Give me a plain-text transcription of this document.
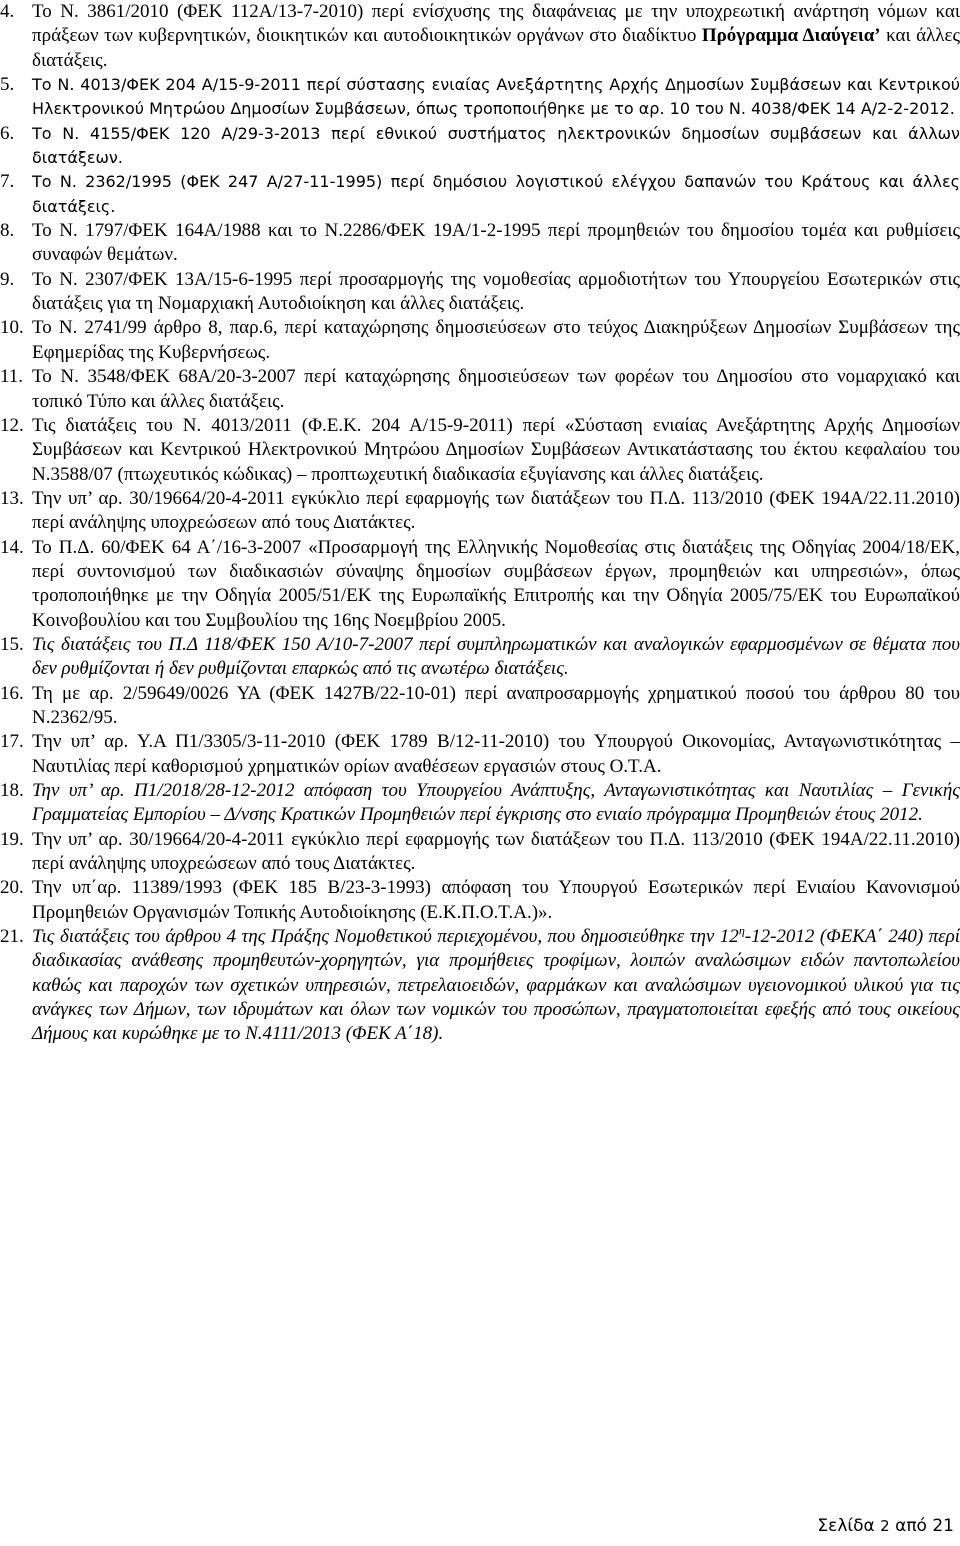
4. Το Ν. 3861/2010 (ΦΕΚ 112Α/13-7-2010) περί ενίσχυσης της διαφάνειας με την υποχρεωτική ανάρτηση νόμων και πράξεων των κυβερνητικών, διοικητικών και αυτοδιοικητικών οργάνων στο διαδίκτυο Πρόγραμμα Διαύγεια’ και άλλες διατάξεις.
5.	Το Ν. 4013/ΦΕΚ 204 Α/15-9-2011 περί σύστασης ενιαίας Ανεξάρτητης Αρχής Δημοσίων Συμβάσεων και Κεντρικού Ηλεκτρονικού Μητρώου Δημοσίων Συμβάσεων, όπως τροποποιήθηκε με το αρ. 10 του Ν. 4038/ΦΕΚ 14 Α/2-2-2012.
6.	Το Ν. 4155/ΦΕΚ 120 Α/29-3-2013 περί εθνικού συστήματος ηλεκτρονικών δημοσίων συμβάσεων και άλλων διατάξεων.
7.	Το Ν. 2362/1995 (ΦΕΚ 247 Α/27-11-1995) περί δημόσιου λογιστικού ελέγχου δαπανών του Κράτους και άλλες διατάξεις.
8. Το Ν. 1797/ΦΕΚ 164Α/1988 και το Ν.2286/ΦΕΚ 19Α/1-2-1995 περί προμηθειών του δημοσίου τομέα και ρυθμίσεις συναφών θεμάτων.
9. Το Ν. 2307/ΦΕΚ 13Α/15-6-1995 περί προσαρμογής της νομοθεσίας αρμοδιοτήτων του Υπουργείου Εσωτερικών στις διατάξεις για τη Νομαρχιακή Αυτοδιοίκηση και άλλες διατάξεις.
10. Το Ν. 2741/99 άρθρο 8, παρ.6, περί καταχώρησης δημοσιεύσεων στο τεύχος Διακηρύξεων Δημοσίων Συμβάσεων της Εφημερίδας της Κυβερνήσεως.
11. Το Ν. 3548/ΦΕΚ 68Α/20-3-2007 περί καταχώρησης δημοσιεύσεων των φορέων του Δημοσίου στο νομαρχιακό και τοπικό Τύπο και άλλες διατάξεις.
12. Τις διατάξεις του Ν. 4013/2011 (Φ.Ε.Κ. 204 Α/15-9-2011) περί «Σύσταση ενιαίας Ανεξάρτητης Αρχής Δημοσίων Συμβάσεων και Κεντρικού Ηλεκτρονικού Μητρώου Δημοσίων Συμβάσεων Αντικατάστασης του έκτου κεφαλαίου του Ν.3588/07 (πτωχευτικός κώδικας) – προπτωχευτική διαδικασία εξυγίανσης και άλλες διατάξεις.
13. Την υπ’ αρ. 30/19664/20-4-2011 εγκύκλιο περί εφαρμογής των διατάξεων του Π.Δ. 113/2010 (ΦΕΚ 194Α/22.11.2010) περί ανάληψης υποχρεώσεων από τους Διατάκτες.
14. Το Π.Δ. 60/ΦΕΚ 64 Α΄/16-3-2007 «Προσαρμογή της Ελληνικής Νομοθεσίας στις διατάξεις της Οδηγίας 2004/18/ΕΚ, περί συντονισμού των διαδικασιών σύναψης δημοσίων συμβάσεων έργων, προμηθειών και υπηρεσιών», όπως τροποποιήθηκε με την Οδηγία 2005/51/ΕΚ της Ευρωπαϊκής Επιτροπής και την Οδηγία 2005/75/ΕΚ του Ευρωπαϊκού Κοινοβουλίου και του Συμβουλίου της 16ης Νοεμβρίου 2005.
15. Τις διατάξεις του Π.Δ 118/ΦΕΚ 150 Α/10-7-2007 περί συμπληρωματικών και αναλογικών εφαρμοσμένων σε θέματα που δεν ρυθμίζονται ή δεν ρυθμίζονται επαρκώς από τις ανωτέρω διατάξεις.
16. Τη με αρ. 2/59649/0026 ΥΑ (ΦΕΚ 1427Β/22-10-01) περί αναπροσαρμογής χρηματικού ποσού του άρθρου 80 του Ν.2362/95.
17. Την υπ’ αρ. Υ.Α Π1/3305/3-11-2010 (ΦΕΚ 1789 Β/12-11-2010) του Υπουργού Οικονομίας, Ανταγωνιστικότητας – Ναυτιλίας περί καθορισμού χρηματικών ορίων αναθέσεων εργασιών στους Ο.Τ.Α.
18. Την υπ’ αρ. Π1/2018/28-12-2012 απόφαση του Υπουργείου Ανάπτυξης, Ανταγωνιστικότητας και Ναυτιλίας – Γενικής Γραμματείας Εμπορίου – Δ/νσης Κρατικών Προμηθειών περί έγκρισης στο ενιαίο πρόγραμμα Προμηθειών έτους 2012.
19. Την υπ’ αρ. 30/19664/20-4-2011 εγκύκλιο περί εφαρμογής των διατάξεων του Π.Δ. 113/2010 (ΦΕΚ 194Α/22.11.2010) περί ανάληψης υποχρεώσεων από τους Διατάκτες.
20. Την υπ΄αρ. 11389/1993 (ΦΕΚ 185 Β/23-3-1993) απόφαση του Υπουργού Εσωτερικών περί Ενιαίου Κανονισμού Προμηθειών Οργανισμών Τοπικής Αυτοδιοίκησης (Ε.Κ.Π.Ο.Τ.Α.)».
21. Τις διατάξεις του άρθρου 4 της Πράξης Νομοθετικού περιεχομένου, που δημοσιεύθηκε την $12^\eta-12-2012$ (ΦΕΚΑ΄ 240) περί διαδικασίας ανάθεσης προμηθευτών-χορηγητών, για προμήθειες τροφίμων, λοιπών αναλώσιμων ειδών παντοπωλείου καθώς και παροχών των σχετικών υπηρεσιών, πετρελαιοειδών, φαρμάκων και αναλώσιμων υγειονομικού υλικού για τις ανάγκες των Δήμων, των ιδρυμάτων και όλων των νομικών του προσώπων, πραγματοποιείται εφεξής από τους οικείους Δήμους και κυρώθηκε με το Ν.4111/2013 (ΦΕΚ Α΄18).
Σελίδα 2 από 21
